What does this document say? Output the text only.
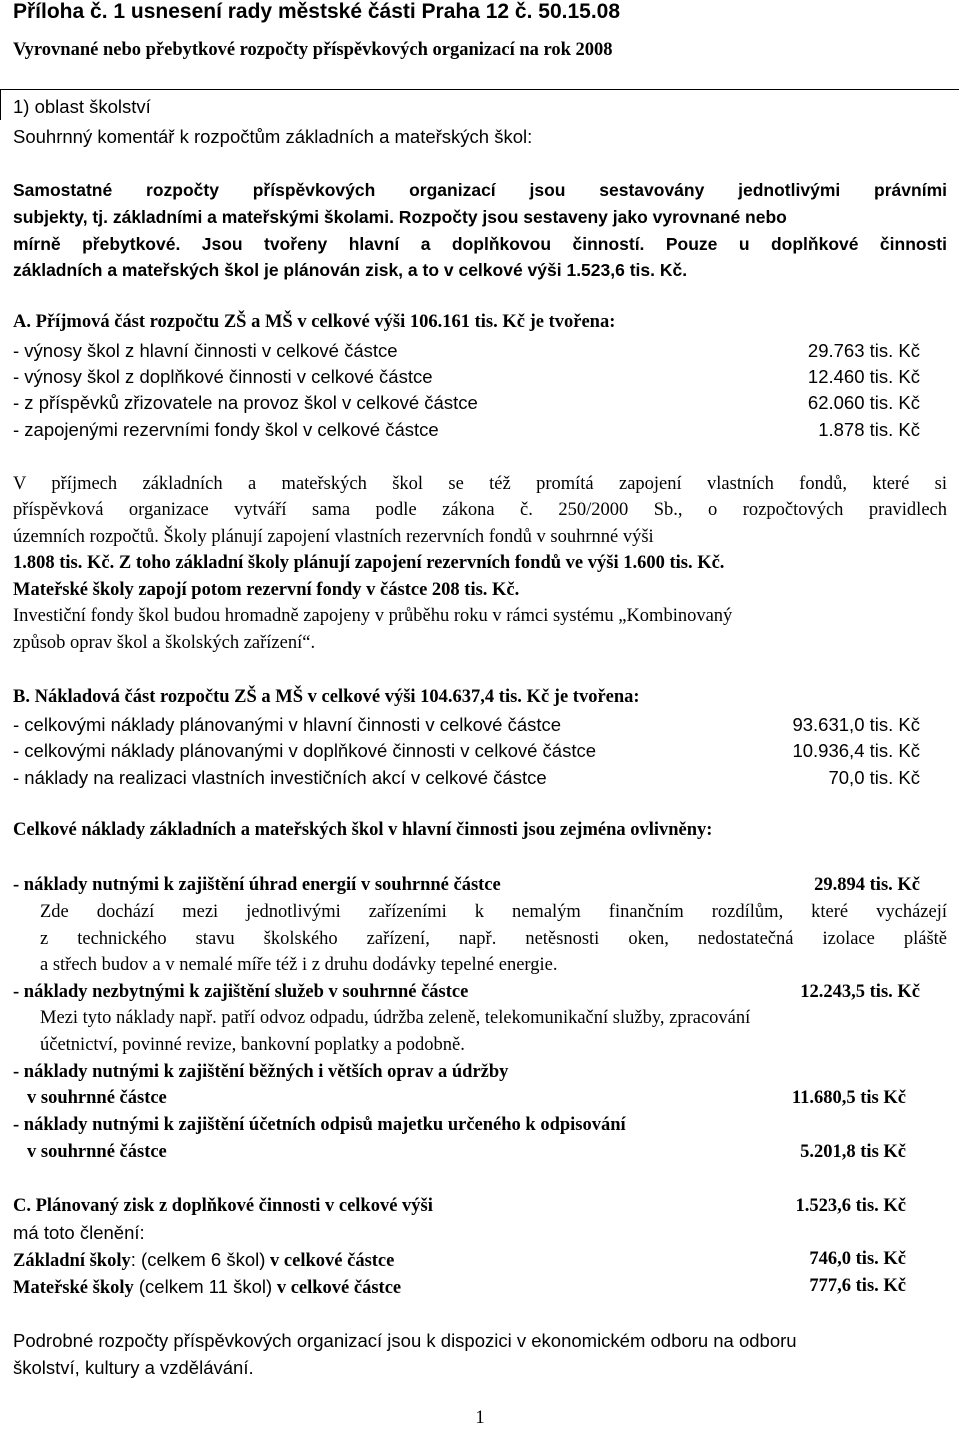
Příloha č. 1 usnesení rady městské části Praha 12 č. 50.15.08
Vyrovnané nebo přebytkové rozpočty příspěvkových organizací na rok 2008
1) oblast školství
Souhrnný komentář k rozpočtům základních a mateřských škol:
Samostatné rozpočty příspěvkových organizací jsou sestavovány jednotlivými právními
subjekty, tj. základními a mateřskými školami. Rozpočty jsou sestaveny jako vyrovnané nebo
mírně přebytkové. Jsou tvořeny hlavní a doplňkovou činností. Pouze u doplňkové činnosti
základních a mateřských škol je plánován zisk, a to v celkové výši 1.523,6 tis. Kč.
A. Příjmová část rozpočtu ZŠ a MŠ v celkové výši 106.161 tis. Kč je tvořena:
- výnosy škol z hlavní činnosti v celkové částce	29.763 tis. Kč
- výnosy škol z doplňkové činnosti v celkové částce	12.460 tis. Kč
- z příspěvků zřizovatele na provoz škol v celkové částce	62.060 tis. Kč
- zapojenými rezervními fondy škol v celkové částce	1.878 tis. Kč
V příjmech základních a mateřských škol se též promítá zapojení vlastních fondů, které si
příspěvková organizace vytváří sama podle zákona č. 250/2000 Sb., o rozpočtových pravidlech
územních rozpočtů. Školy plánují zapojení vlastních rezervních fondů v souhrnné výši
1.808 tis. Kč. Z toho základní školy plánují zapojení rezervních fondů ve výši 1.600 tis. Kč.
Mateřské školy zapojí potom rezervní fondy v částce 208 tis. Kč.
Investiční fondy škol budou hromadně zapojeny v průběhu roku v rámci systému „Kombinovaný
způsob oprav škol a školských zařízení“.
B. Nákladová část rozpočtu ZŠ a MŠ v celkové výši 104.637,4 tis. Kč je tvořena:
- celkovými náklady plánovanými v hlavní činnosti v celkové částce	93.631,0 tis. Kč
- celkovými náklady plánovanými v doplňkové činnosti v celkové částce	10.936,4 tis. Kč
- náklady na realizaci vlastních investičních akcí v celkové částce	70,0 tis. Kč
Celkové náklady základních a mateřských škol v hlavní činnosti jsou zejména ovlivněny:
- náklady nutnými k zajištění úhrad energií v souhrnné částce	29.894 tis. Kč
Zde dochází mezi jednotlivými zařízeními k nemalým finančním rozdílům, které vycházejí
z technického stavu školského zařízení, např. netěsnosti oken, nedostatečná izolace pláště
a střech budov a v nemalé míře též i z druhu dodávky tepelné energie.
- náklady nezbytnými k zajištění služeb v souhrnné částce	12.243,5 tis. Kč
Mezi tyto náklady např. patří odvoz odpadu, údržba zeleně, telekomunikační služby, zpracování
účetnictví, povinné revize, bankovní poplatky a podobně.
- náklady nutnými k zajištění běžných i větších oprav a údržby
v souhrnné částce	11.680,5 tis Kč
- náklady nutnými k zajištění účetních odpisů majetku určeného k odpisování
v souhrnné částce	5.201,8 tis Kč
C. Plánovaný zisk z doplňkové činnosti v celkové výši	1.523,6 tis. Kč
má toto členění:
Základní školy: (celkem 6 škol) v celkové částce	746,0 tis. Kč
Mateřské školy (celkem 11 škol) v celkové částce	777,6 tis. Kč
Podrobné rozpočty příspěvkových organizací jsou k dispozici v ekonomickém odboru na odboru
školství, kultury a vzdělávání.
1
